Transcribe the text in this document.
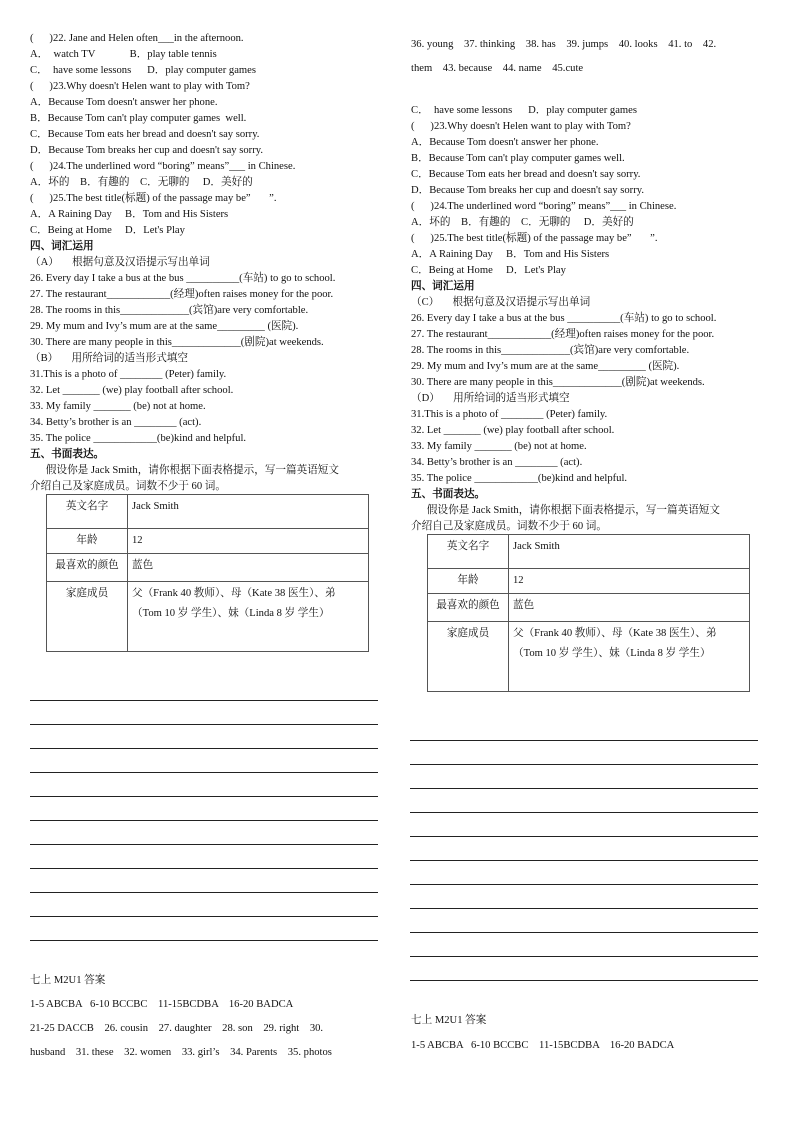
英文名字	Jack Smith
年龄	12
最喜欢的颜色	蓝色
家庭成员	父（Frank 40 教师）、母（Kate 38 医生）、弟（Tom 10 岁 学生）、妹（Linda 8 岁 学生）
英文名字	Jack Smith
年龄	12
最喜欢的颜色	蓝色
家庭成员	父（Frank 40 教师）、母（Kate 38 医生）、弟（Tom 10 岁 学生）、妹（Linda 8 岁 学生）
(      )22. Jane and Helen often___in the afternoon.
A．  watch TV             B．play table tennis
C．  have some lessons      D．play computer games
(      )23.Why doesn't Helen want to play with Tom?
A．Because Tom doesn't answer her phone.
B．Because Tom can't play computer games  well.
C．Because Tom eats her bread and doesn't say sorry.
D．Because Tom breaks her cup and doesn't say sorry.
(      )24.The underlined word “boring” means”___ in Chinese.
A．坏的    B．有趣的    C．无聊的     D．美好的
(      )25.The best title(标题) of the passage may be”       ”.
A．A Raining Day     B．Tom and His Sisters
C．Being at Home     D．Let's Play
四、词汇运用
（A）     根据句意及汉语提示写出单词
26. Every day I take a bus at the bus __________(车站) to go to school.
27. The restaurant____________(经理)often raises money for the poor.
28. The rooms in this_____________(宾馆)are very comfortable.
29. My mum and Ivy’s mum are at the same_________ (医院).
30. There are many people in this_____________(剧院)at weekends.
（B）     用所给词的适当形式填空
31.This is a photo of ________ (Peter) family.
32. Let _______ (we) play football after school.
33. My family _______ (be) not at home.
34. Betty’s brother is an ________ (act).
35. The police ____________(be)kind and helpful.
五、书面表达。
假设你是 Jack Smith，请你根据下面表格提示，写一篇英语短文
介绍自己及家庭成员。词数不少于 60 词。
七上 M2U1 答案
1-5 ABCBA   6-10 BCCBC    11-15BCDBA    16-20 BADCA
21-25 DACCB    26. cousin    27. daughter    28. son    29. right    30.
husband    31. these    32. women    33. girl’s    34. Parents    35. photos
36. young    37. thinking    38. has    39. jumps    40. looks    41. to    42.
them    43. because    44. name    45.cute
C．  have some lessons      D．play computer games
(      )23.Why doesn't Helen want to play with Tom?
A．Because Tom doesn't answer her phone.
B．Because Tom can't play computer games well.
C．Because Tom eats her bread and doesn't say sorry.
D．Because Tom breaks her cup and doesn't say sorry.
(      )24.The underlined word “boring” means”___ in Chinese.
A．坏的    B．有趣的    C．无聊的     D．美好的
(      )25.The best title(标题) of the passage may be”       ”.
A．A Raining Day     B．Tom and His Sisters
C．Being at Home     D．Let's Play
四、词汇运用
（C）     根据句意及汉语提示写出单词
26. Every day I take a bus at the bus __________(车站) to go to school.
27. The restaurant____________(经理)often raises money for the poor.
28. The rooms in this_____________(宾馆)are very comfortable.
29. My mum and Ivy’s mum are at the same_________ (医院).
30. There are many people in this_____________(剧院)at weekends.
（D）     用所给词的适当形式填空
31.This is a photo of ________ (Peter) family.
32. Let _______ (we) play football after school.
33. My family _______ (be) not at home.
34. Betty’s brother is an ________ (act).
35. The police ____________(be)kind and helpful.
五、书面表达。
假设你是 Jack Smith，请你根据下面表格提示，写一篇英语短文
介绍自己及家庭成员。词数不少于 60 词。
七上 M2U1 答案
1-5 ABCBA   6-10 BCCBC    11-15BCDBA    16-20 BADCA
